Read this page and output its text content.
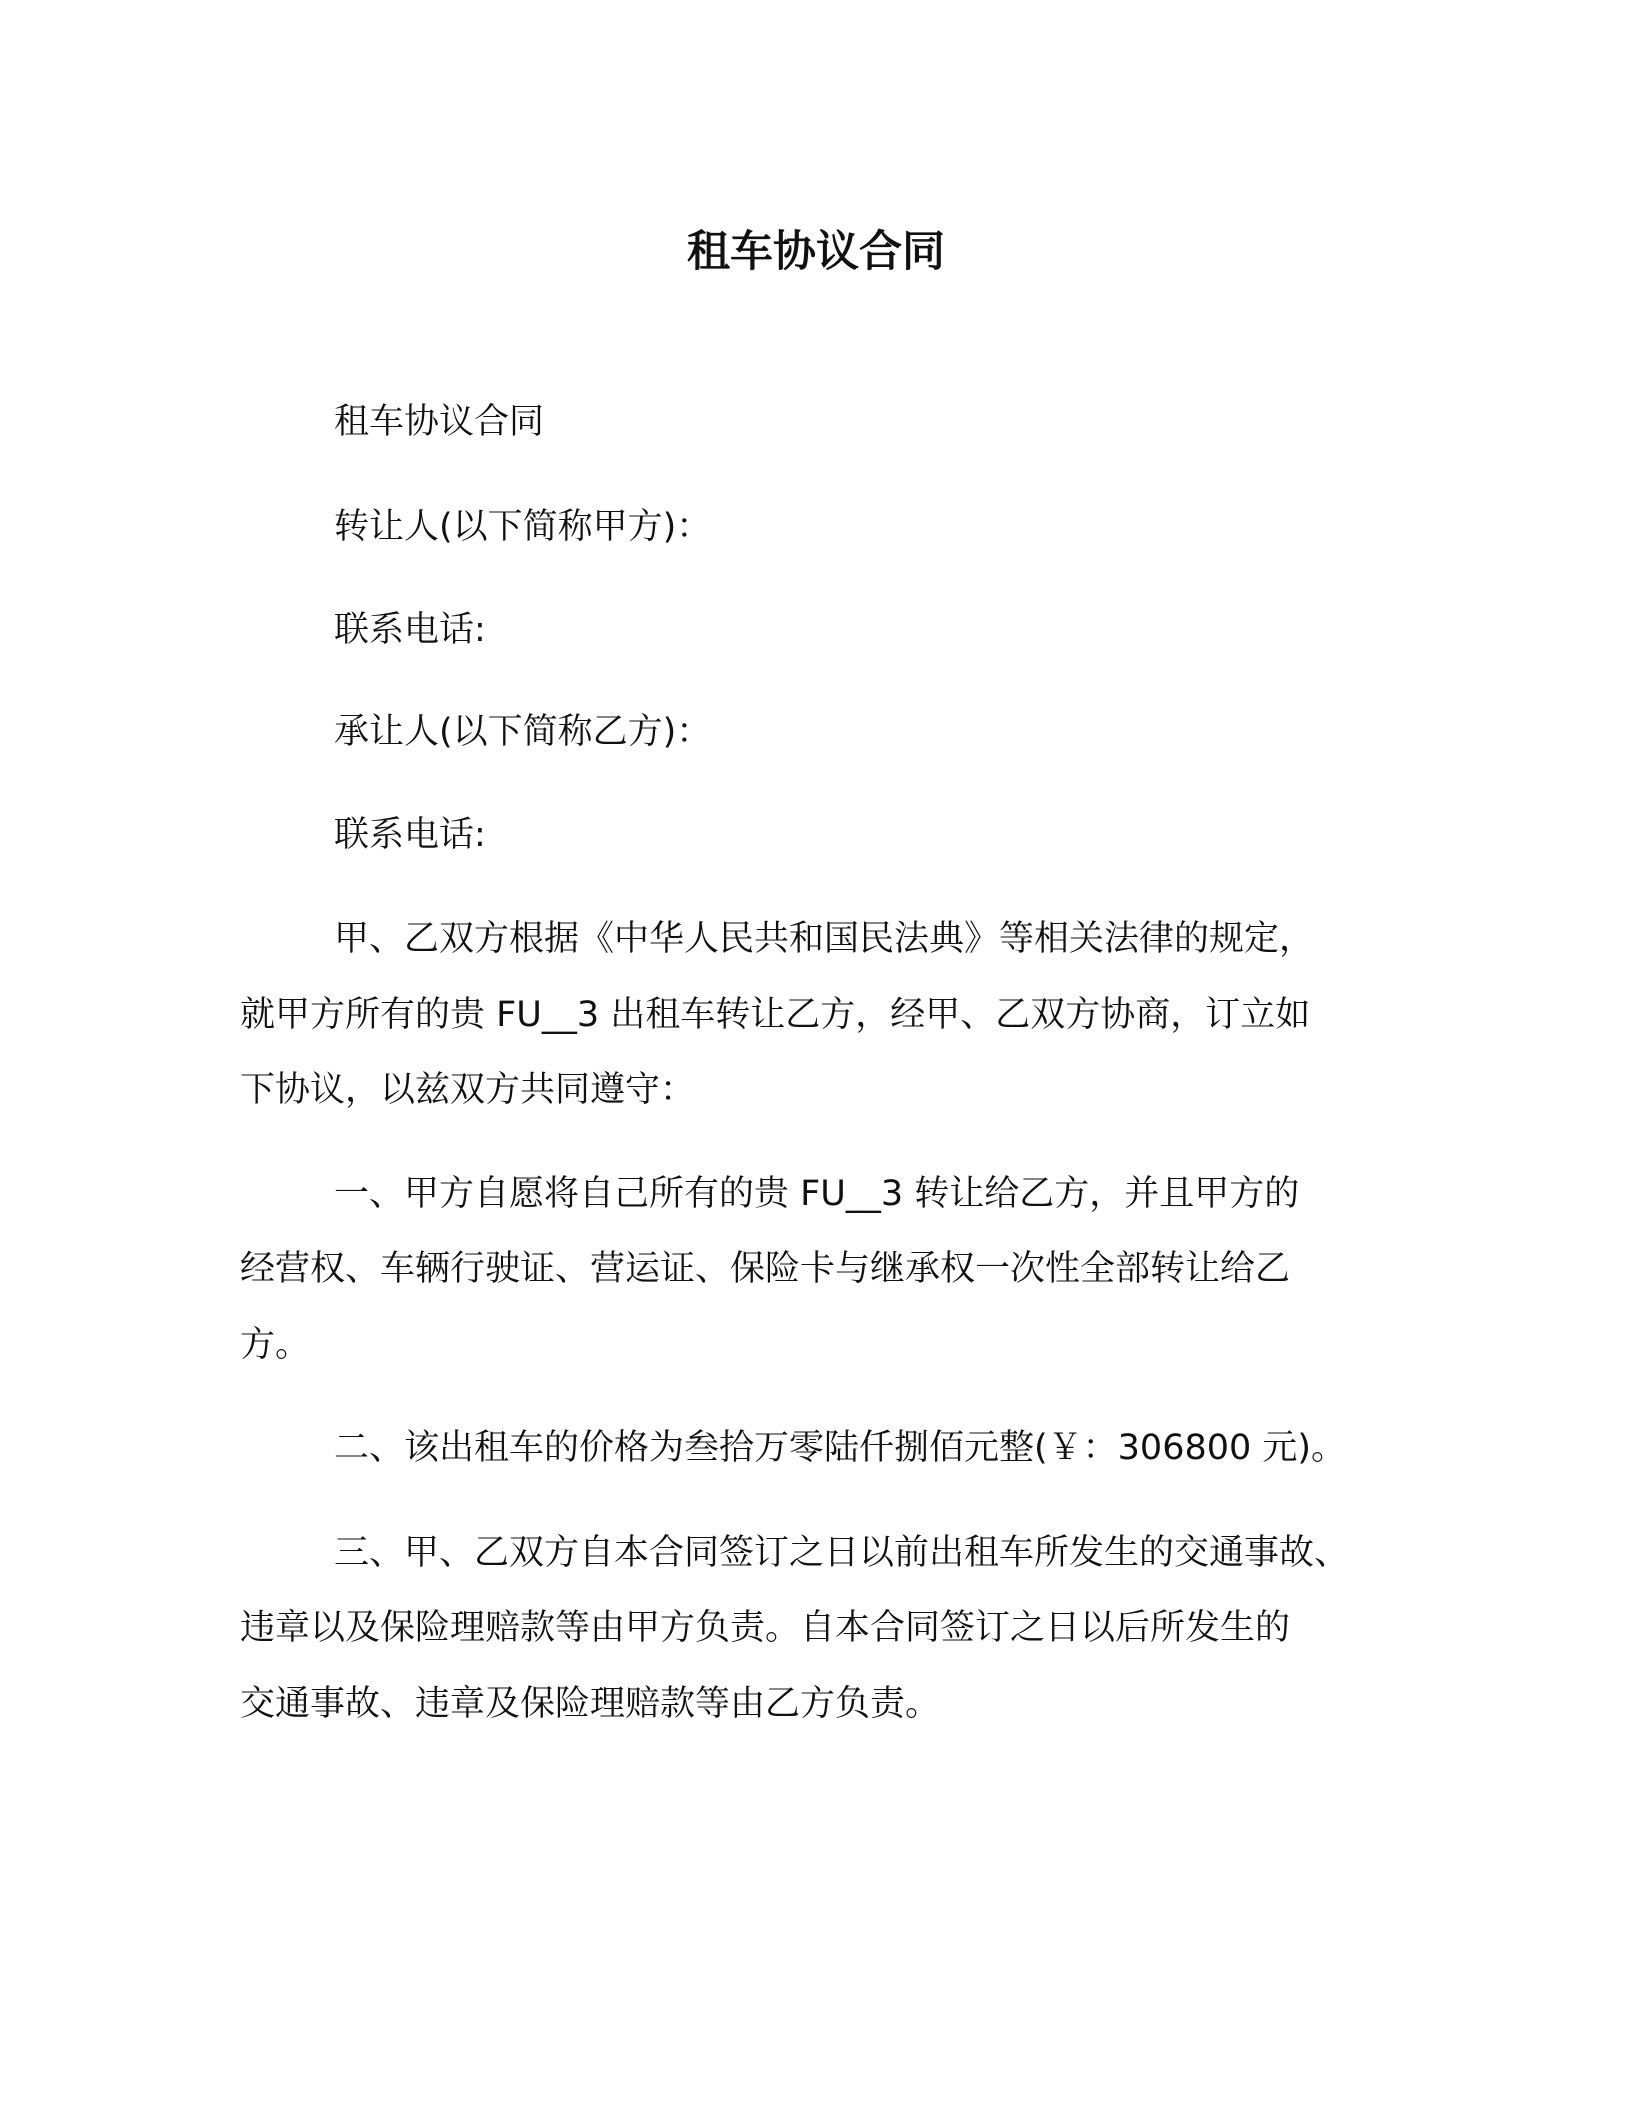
租车协议合同

租车协议合同

转让人(以下简称甲方)：

联系电话:

承让人(以下简称乙方)：

联系电话:

甲、乙双方根据《中华人民共和国民法典》等相关法律的规定，

就甲方所有的贵 FU__3 出租车转让乙方，经甲、乙双方协商，订立如

下协议，以兹双方共同遵守：

一、甲方自愿将自己所有的贵 FU__3 转让给乙方，并且甲方的

经营权、车辆行驶证、营运证、保险卡与继承权一次性全部转让给乙

方。

二、该出租车的价格为叁拾万零陆仟捌佰元整(￥：306800 元)。

三、甲、乙双方自本合同签订之日以前出租车所发生的交通事故、

违章以及保险理赔款等由甲方负责。自本合同签订之日以后所发生的

交通事故、违章及保险理赔款等由乙方负责。
